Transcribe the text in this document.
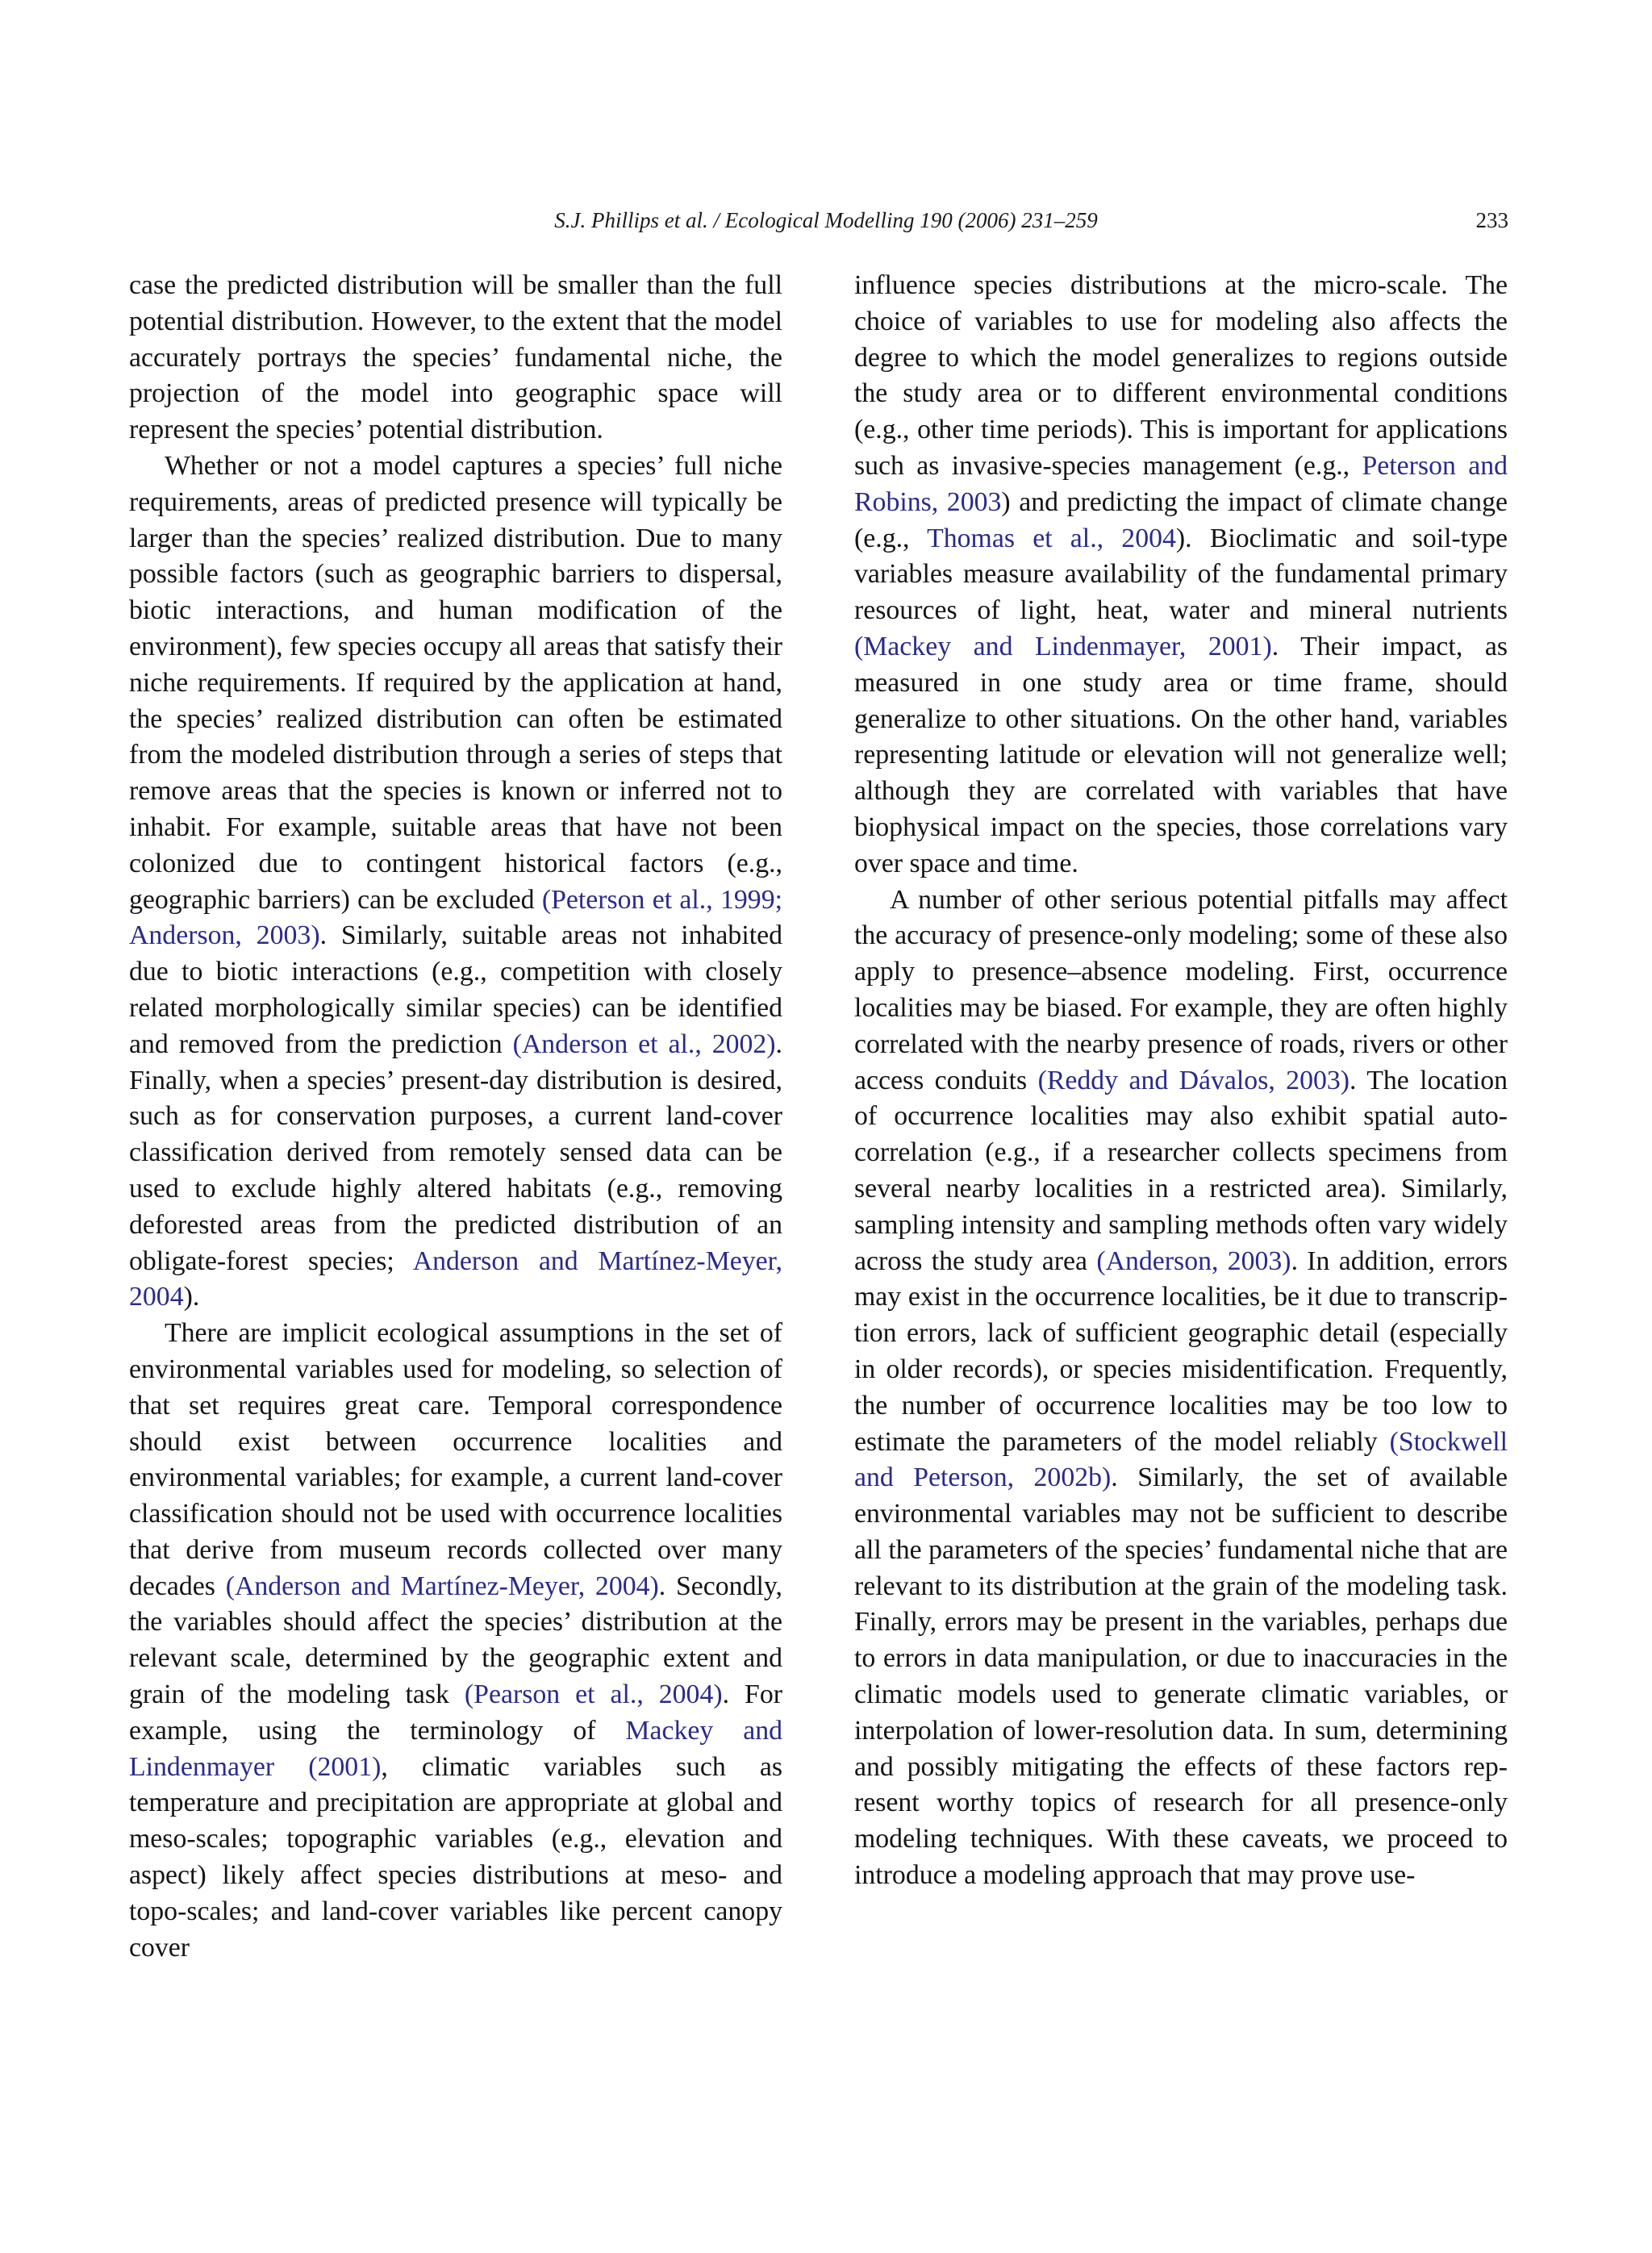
S.J. Phillips et al. / Ecological Modelling 190 (2006) 231–259	233

case the predicted distribution will be smaller than the full potential distribution. However, to the extent that the model accurately portrays the species’ fundamental niche, the projection of the model into geographic space will represent the species’ potential distribution.

Whether or not a model captures a species’ full niche requirements, areas of predicted presence will typically be larger than the species’ realized distribution. Due to many possible factors (such as geographic barriers to dispersal, biotic interactions, and human modification of the environment), few species occupy all areas that satisfy their niche requirements. If required by the application at hand, the species’ realized distribution can often be estimated from the modeled distribution through a series of steps that remove areas that the species is known or inferred not to inhabit. For example, suitable areas that have not been colonized due to contingent historical factors (e.g., geographic barriers) can be excluded (Peterson et al., 1999; Anderson, 2003). Similarly, suitable areas not inhabited due to biotic interactions (e.g., competition with closely related morphologically similar species) can be identified and removed from the prediction (Anderson et al., 2002). Finally, when a species’ present-day distribution is desired, such as for conservation purposes, a current land-cover classification derived from remotely sensed data can be used to exclude highly altered habitats (e.g., removing deforested areas from the predicted distribution of an obligate-forest species; Anderson and Martínez-Meyer, 2004).

There are implicit ecological assumptions in the set of environmental variables used for modeling, so selection of that set requires great care. Temporal correspondence should exist between occurrence localities and environmental variables; for example, a current land-cover classification should not be used with occurrence localities that derive from museum records collected over many decades (Anderson and Martínez-Meyer, 2004). Secondly, the variables should affect the species’ distribution at the relevant scale, determined by the geographic extent and grain of the modeling task (Pearson et al., 2004). For example, using the terminology of Mackey and Lindenmayer (2001), climatic variables such as temperature and precipitation are appropriate at global and meso-scales; topographic variables (e.g., elevation and aspect) likely affect species distributions at meso- and topo-scales; and land-cover variables like percent canopy cover

influence species distributions at the micro-scale. The choice of variables to use for modeling also affects the degree to which the model generalizes to regions outside the study area or to different environmental conditions (e.g., other time periods). This is important for applications such as invasive-species management (e.g., Peterson and Robins, 2003) and predicting the impact of climate change (e.g., Thomas et al., 2004). Bioclimatic and soil-type variables measure availability of the fundamental primary resources of light, heat, water and mineral nutrients (Mackey and Lindenmayer, 2001). Their impact, as measured in one study area or time frame, should generalize to other situations. On the other hand, variables representing latitude or elevation will not generalize well; although they are correlated with variables that have biophysical impact on the species, those correlations vary over space and time.

A number of other serious potential pitfalls may affect the accuracy of presence-only modeling; some of these also apply to presence–absence modeling. First, occurrence localities may be biased. For example, they are often highly correlated with the nearby presence of roads, rivers or other access conduits (Reddy and Dávalos, 2003). The location of occurrence localities may also exhibit spatial auto-correlation (e.g., if a researcher collects specimens from several nearby localities in a restricted area). Similarly, sampling intensity and sampling methods often vary widely across the study area (Anderson, 2003). In addition, errors may exist in the occurrence localities, be it due to transcription errors, lack of sufficient geographic detail (especially in older records), or species misidentification. Frequently, the number of occurrence localities may be too low to estimate the parameters of the model reliably (Stockwell and Peterson, 2002b). Similarly, the set of available environmental variables may not be sufficient to describe all the parameters of the species’ fundamental niche that are relevant to its distribution at the grain of the modeling task. Finally, errors may be present in the variables, perhaps due to errors in data manipulation, or due to inaccuracies in the climatic models used to generate climatic variables, or interpolation of lower-resolution data. In sum, determining and possibly mitigating the effects of these factors represent worthy topics of research for all presence-only modeling techniques. With these caveats, we proceed to introduce a modeling approach that may prove use-
